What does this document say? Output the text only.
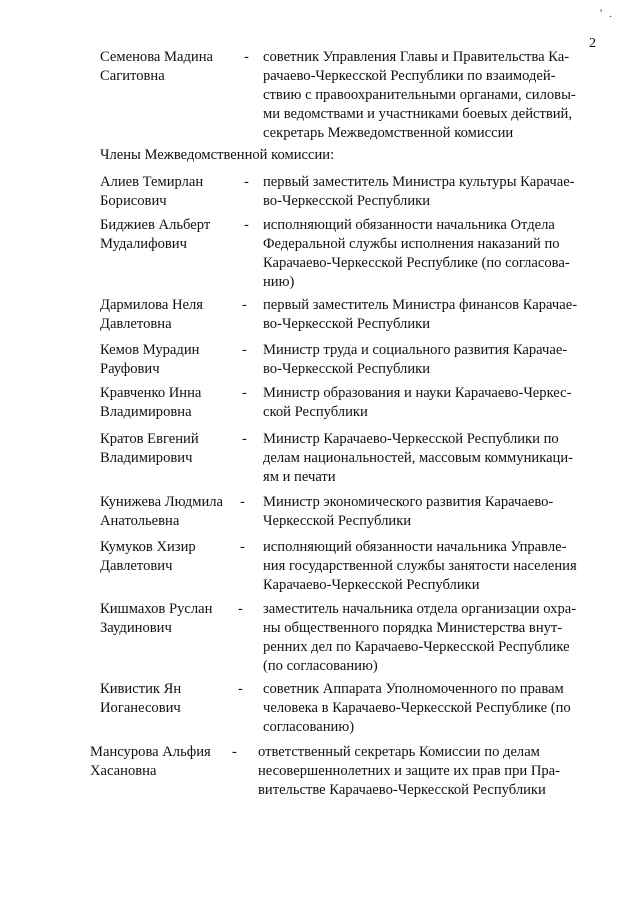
' .
2
Семенова Мадина
Сагитовна
- советник Управления Главы и Правительства Ка-
рачаево-Черкесской Республики по взаимодей-
ствию с правоохранительными органами, силовы-
ми ведомствами и участниками боевых действий,
секретарь Межведомственной комиссии
Члены Межведомственной комиссии:
Алиев Темирлан
Борисович
- первый заместитель Министра культуры Карачае-
во-Черкесской Республики
Биджиев Альберт
Мудалифович
- исполняющий обязанности начальника Отдела
Федеральной службы исполнения наказаний по
Карачаево-Черкесской Республике (по согласова-
нию)
Дармилова Неля
Давлетовна
- первый заместитель Министра финансов Карачае-
во-Черкесской Республики
Кемов Мурадин
Рауфович
- Министр труда и социального развития Карачае-
во-Черкесской Республики
Кравченко Инна
Владимировна
- Министр образования и науки Карачаево-Черкес-
ской Республики
Кратов Евгений
Владимирович
- Министр Карачаево-Черкесской Республики по
делам национальностей, массовым коммуникаци-
ям и печати
Кунижева Людмила
Анатольевна
- Министр экономического развития Карачаево-
Черкесской Республики
Кумуков Хизир
Давлетович
- исполняющий обязанности начальника Управле-
ния государственной службы занятости населения
Карачаево-Черкесской Республики
Кишмахов Руслан
Заудинович
- заместитель начальника отдела организации охра-
ны общественного порядка Министерства внут-
ренних дел по Карачаево-Черкесской Республике
(по согласованию)
Кивистик Ян
Иоганесович
- советник Аппарата Уполномоченного по правам
человека в Карачаево-Черкесской Республике (по
согласованию)
Мансурова Альфия
Хасановна
- ответственный секретарь Комиссии по делам
несовершеннолетних и защите их прав при Пра-
вительстве Карачаево-Черкесской Республики
